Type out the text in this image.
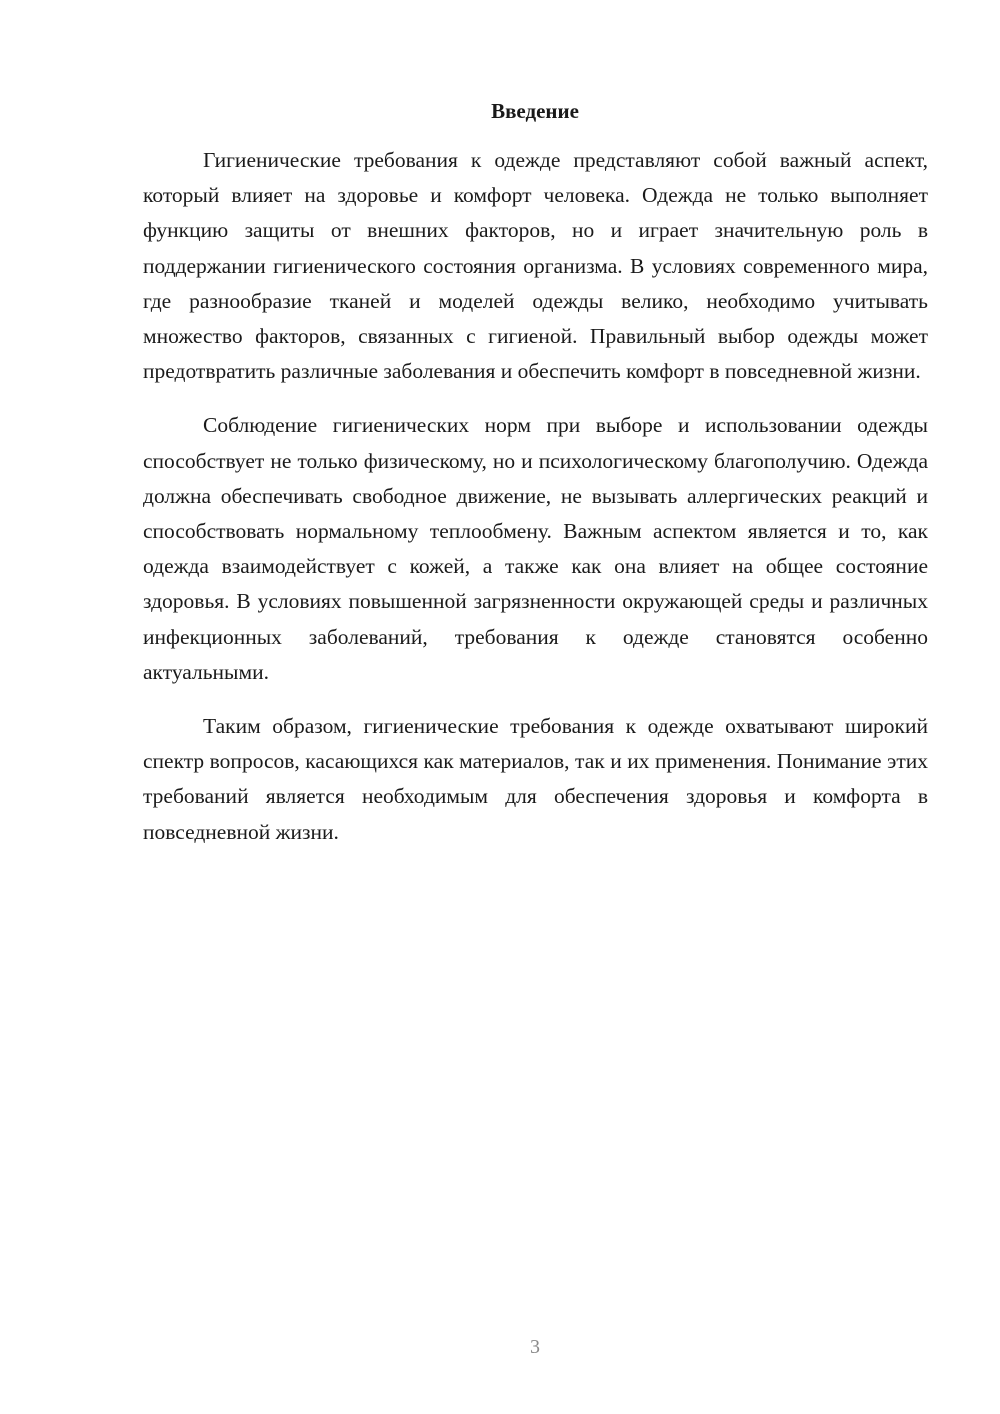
Введение

Гигиенические требования к одежде представляют собой важный аспект, который влияет на здоровье и комфорт человека. Одежда не только выполняет функцию защиты от внешних факторов, но и играет значительную роль в поддержании гигиенического состояния организма. В условиях современного мира, где разнообразие тканей и моделей одежды велико, необходимо учитывать множество факторов, связанных с гигиеной. Правильный выбор одежды может предотвратить различные заболевания и обеспечить комфорт в повседневной жизни.

Соблюдение гигиенических норм при выборе и использовании одежды способствует не только физическому, но и психологическому благополучию. Одежда должна обеспечивать свободное движение, не вызывать аллергических реакций и способствовать нормальному теплообмену. Важным аспектом является и то, как одежда взаимодействует с кожей, а также как она влияет на общее состояние здоровья. В условиях повышенной загрязненности окружающей среды и различных инфекционных заболеваний, требования к одежде становятся особенно актуальными.

Таким образом, гигиенические требования к одежде охватывают широкий спектр вопросов, касающихся как материалов, так и их применения. Понимание этих требований является необходимым для обеспечения здоровья и комфорта в повседневной жизни.

3
